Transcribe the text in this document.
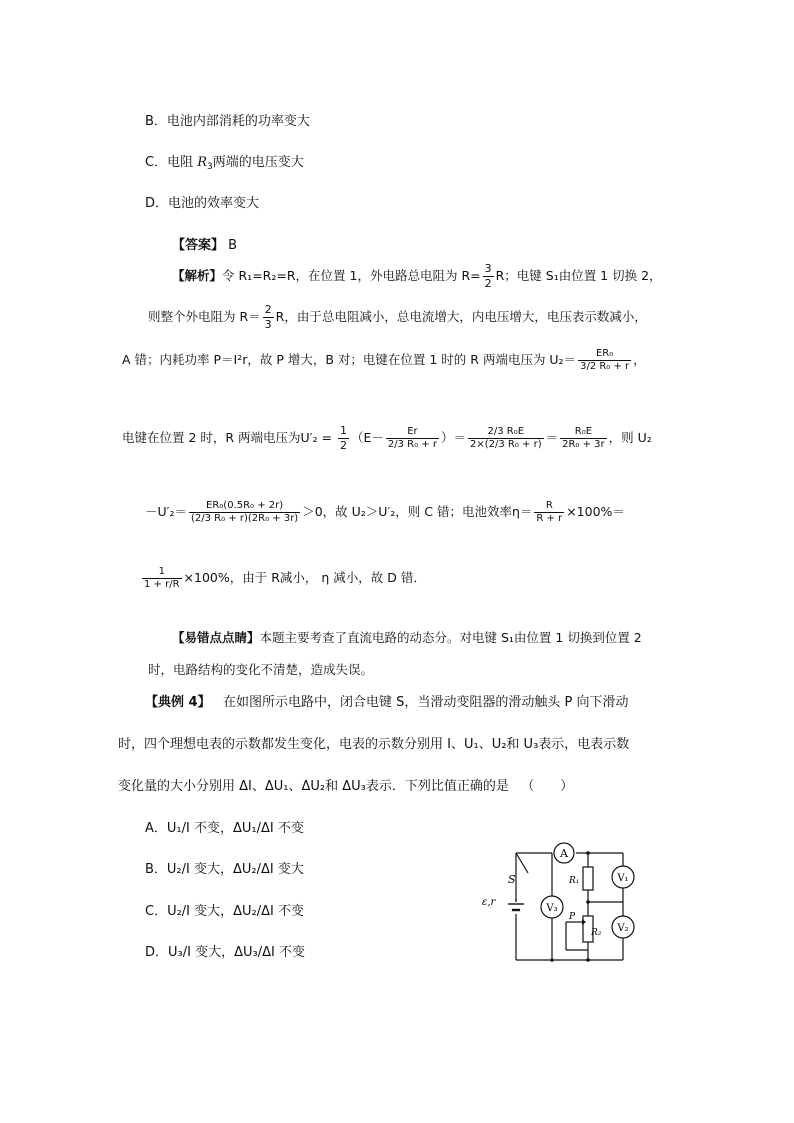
B．电池内部消耗的功率变大
C．电阻 $R_3$两端的电压变大
D．电池的效率变大
【答案】 B
【解析】令 R₁=R₂=R，在位置 1，外电路总电阻为 $R= \frac{3}{2}$ R；电键 S₁由位置 1 切换 2，
则整个外电阻为 $R= \frac{2}{3}$ R，由于总电阻减小，总电流增大，内电压增大，电压表示数减小，
A 错；内耗功率 P＝I²r，故 P 增大，B 对；电键在位置 1 时的 R 两端电压为 $U_2= \frac{\text{ER₀}}{\text{3/2 R₀ + r}}$ ，
电键在位置 2 时，R 两端电压为$U'_2 = \frac{1}{2} (E- \frac{Er}{\text{2/3 R₀ + r}}$ ）＝ $\frac{\text{2/3 R₀E}}{\text{2×(2/3 R₀ + r)}} = \frac{\text{R₀E}}{\text{2R₀ + 3r}}$ ，则 U₂
$-U'_2= \frac{\text{ER₀(0.5R₀ + 2r)}}{\text{(2/3 R₀ + r)(2R₀ + 3r)}} >0$，故 U₂＞U′₂，则 C 错；电池效率$\eta= \frac{R}{R + r} \times 100\%=$
$\frac{1}{1 + r/R} \times 100\%$，由于 R减小， η 减小，故 D 错．
【易错点点睛】本题主要考查了直流电路的动态分。对电键 S₁由位置 1 切换到位置 2
时，电路结构的变化不清楚，造成失误。
【典例 4】 在如图所示电路中，闭合电键 S，当滑动变阻器的滑动触头 P 向下滑动
时，四个理想电表的示数都发生变化，电表的示数分别用 I、U₁、U₂和 U₃表示，电表示数
变化量的大小分别用 ΔI、ΔU₁、ΔU₂和 ΔU₃表示．下列比值正确的是 （　　）
A．U₁/I 不变，ΔU₁/ΔI 不变
B．U₂/I 变大，ΔU₂/ΔI 变大
C．U₂/I 变大，ΔU₂/ΔI 不变
D．U₃/I 变大，ΔU₃/ΔI 不变
A
V₃
R₁
R₂
P
V₁
V₂
S
ε,r
